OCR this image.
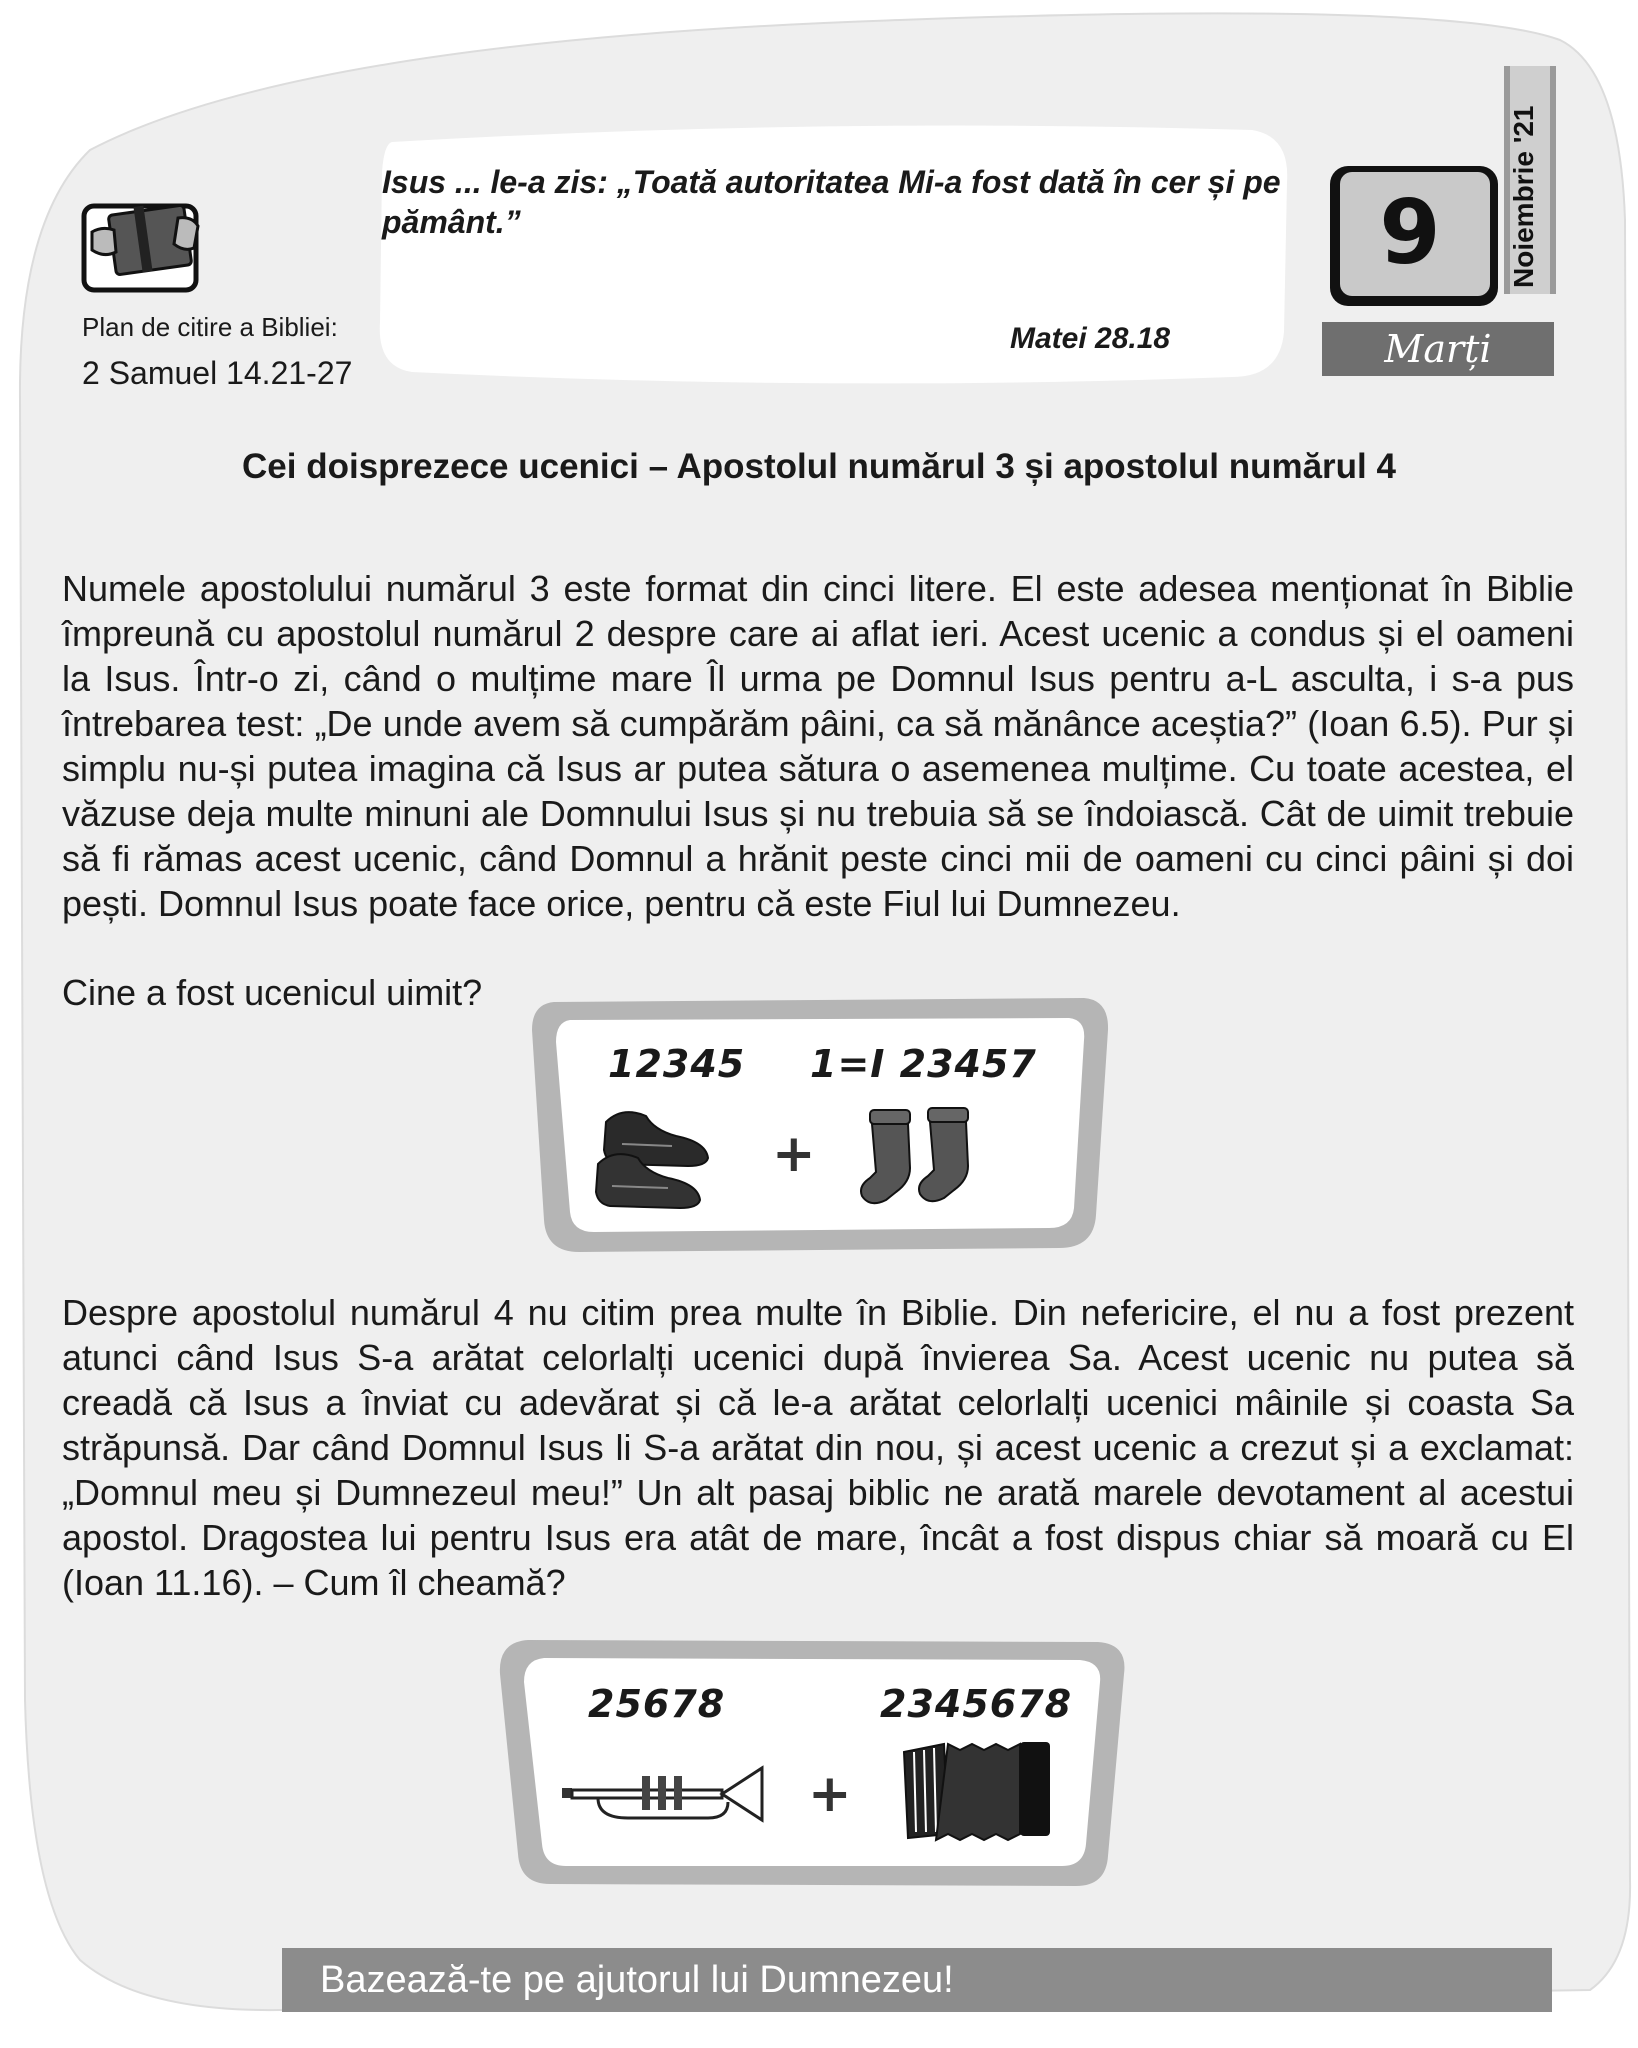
Isus ... le-a zis: „Toată autoritatea Mi-a fost dată în cer și pe pământ.”
Matei 28.18
Plan de citire a Bibliei:
2 Samuel 14.21-27
9	Noiembrie '21
Marți
Cei doisprezece ucenici – Apostolul numărul 3 și apostolul numărul 4

Numele apostolului numărul 3 este format din cinci litere. El este adesea menționat în Biblie împreună cu apostolul numărul 2 despre care ai aflat ieri. Acest ucenic a condus și el oameni la Isus. Într-o zi, când o mulțime mare Îl urma pe Domnul Isus pentru a-L asculta, i s-a pus întrebarea test: „De unde avem să cumpărăm pâini, ca să mănânce aceștia?” (Ioan 6.5). Pur și simplu nu-și putea imagina că Isus ar putea sătura o asemenea mulțime. Cu toate acestea, el văzuse deja multe minuni ale Domnului Isus și nu trebuia să se îndoiască. Cât de uimit trebuie să fi rămas acest ucenic, când Domnul a hrănit peste cinci mii de oameni cu cinci pâini și doi pești. Domnul Isus poate face orice, pentru că este Fiul lui Dumnezeu.

Cine a fost ucenicul uimit?
12345 1=I 23457
+

Despre apostolul numărul 4 nu citim prea multe în Biblie. Din nefericire, el nu a fost prezent atunci când Isus S-a arătat celorlalți ucenici după învierea Sa. Acest ucenic nu putea să creadă că Isus a înviat cu adevărat și că le-a arătat celorlalți ucenici mâinile și coasta Sa străpunsă. Dar când Domnul Isus li S-a arătat din nou, și acest ucenic a crezut și a exclamat: „Domnul meu și Dumnezeul meu!” Un alt pasaj biblic ne arată marele devotament al acestui apostol. Dragostea lui pentru Isus era atât de mare, încât a fost dispus chiar să moară cu El (Ioan 11.16). – Cum îl cheamă?

25678	2345678
+
Bazează-te pe ajutorul lui Dumnezeu!
